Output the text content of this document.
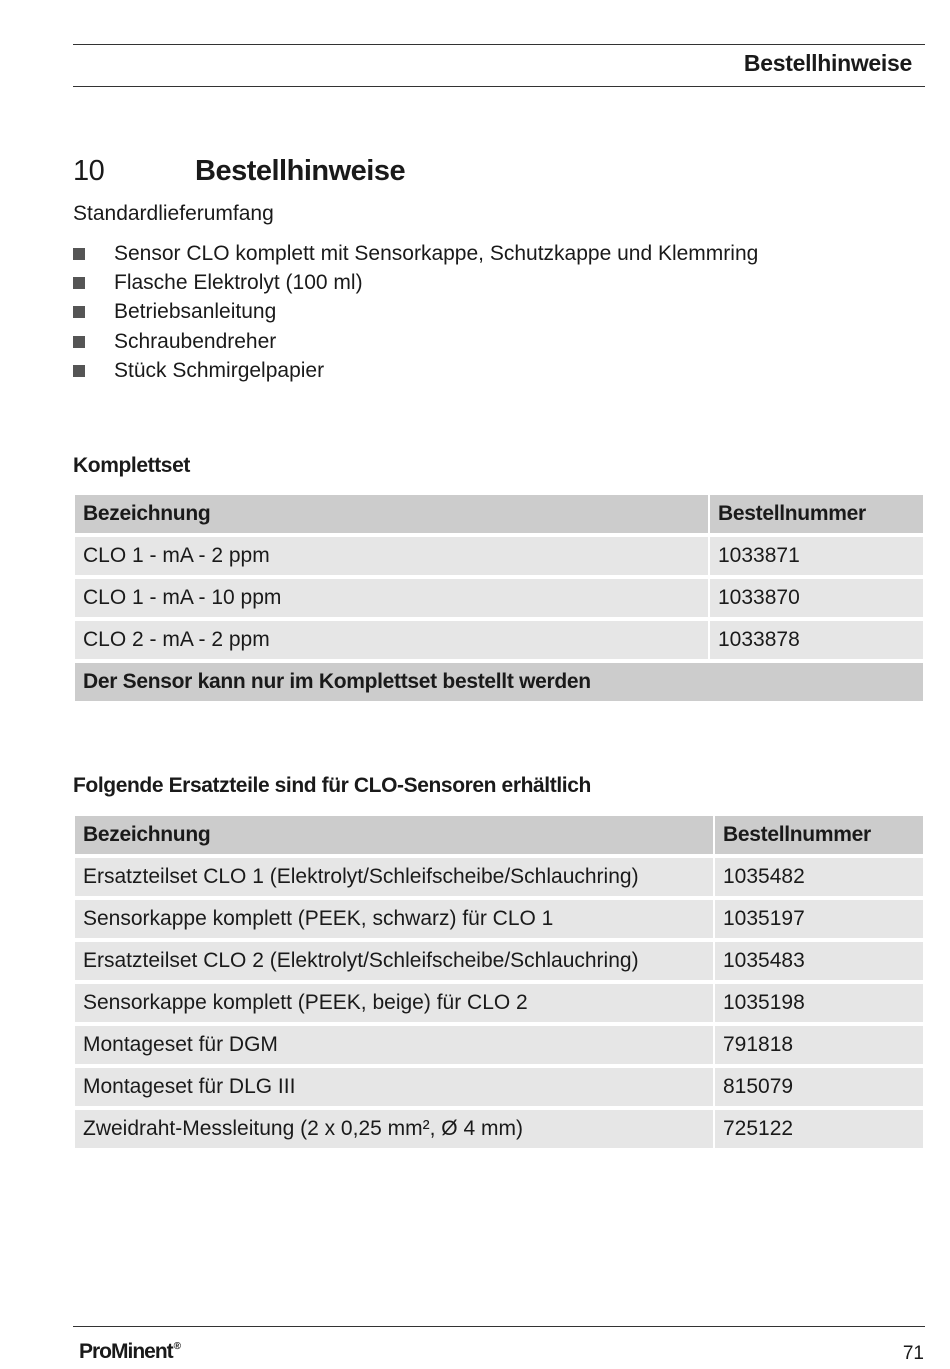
Bestellhinweise
10	Bestellhinweise
Standardlieferumfang
Sensor CLO komplett mit Sensorkappe, Schutzkappe und Klemmring
Flasche Elektrolyt (100 ml)
Betriebsanleitung
Schraubendreher
Stück Schmirgelpapier
Komplettset
Bezeichnung	Bestellnummer
CLO 1 - mA - 2 ppm	1033871
CLO 1 - mA - 10 ppm	1033870
CLO 2 - mA - 2 ppm	1033878
Der Sensor kann nur im Komplettset bestellt werden	
Folgende Ersatzteile sind für CLO-Sensoren erhältlich
Bezeichnung	Bestellnummer
Ersatzteilset CLO 1 (Elektrolyt/Schleifscheibe/Schlauchring)	1035482
Sensorkappe komplett (PEEK, schwarz) für CLO 1	1035197
Ersatzteilset CLO 2 (Elektrolyt/Schleifscheibe/Schlauchring)	1035483
Sensorkappe komplett (PEEK, beige) für CLO 2	1035198
Montageset für DGM	791818
Montageset für DLG III	815079
Zweidraht-Messleitung (2 x 0,25 mm², Ø 4 mm)	725122
ProMinent®	71
